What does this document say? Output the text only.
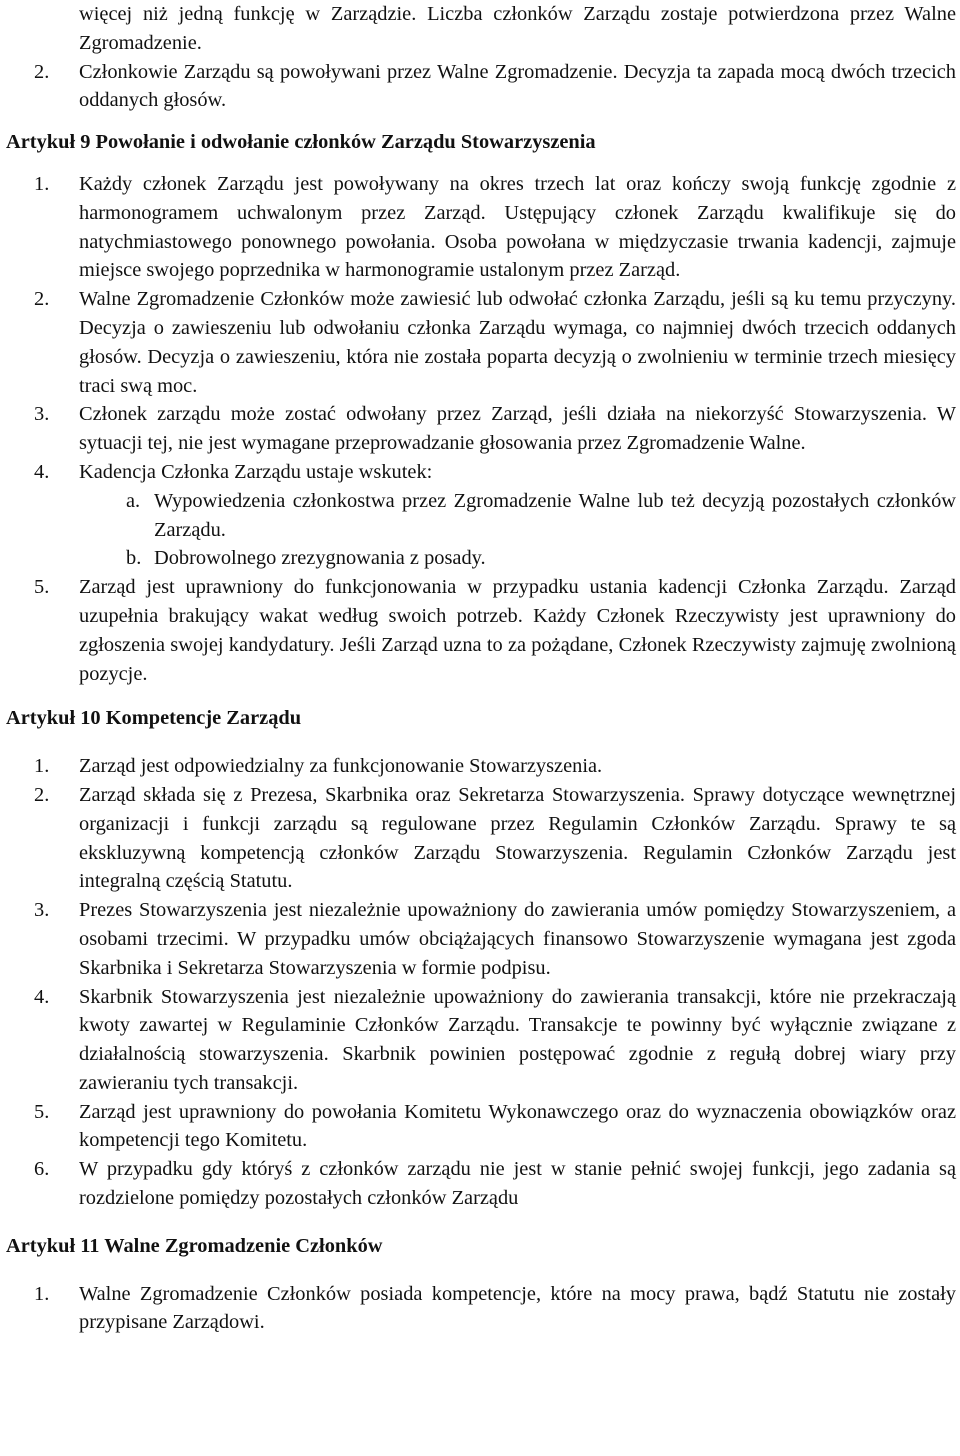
więcej niż jedną funkcję w Zarządzie. Liczba członków Zarządu zostaje potwierdzona przez Walne Zgromadzenie.

2. Członkowie Zarządu są powoływani przez Walne Zgromadzenie. Decyzja ta zapada mocą dwóch trzecich oddanych głosów.

Artykuł 9 Powołanie i odwołanie członków Zarządu Stowarzyszenia

1. Każdy członek Zarządu jest powoływany na okres trzech lat oraz kończy swoją funkcję zgodnie z harmonogramem uchwalonym przez Zarząd. Ustępujący członek Zarządu kwalifikuje się do natychmiastowego ponownego powołania. Osoba powołana w międzyczasie trwania kadencji, zajmuje miejsce swojego poprzednika w harmonogramie ustalonym przez Zarząd.

2. Walne Zgromadzenie Członków może zawiesić lub odwołać członka Zarządu, jeśli są ku temu przyczyny. Decyzja o zawieszeniu lub odwołaniu członka Zarządu wymaga, co najmniej dwóch trzecich oddanych głosów. Decyzja o zawieszeniu, która nie została poparta decyzją o zwolnieniu w terminie trzech miesięcy traci swą moc.

3. Członek zarządu może zostać odwołany przez Zarząd, jeśli działa na niekorzyść Stowarzyszenia. W sytuacji tej, nie jest wymagane przeprowadzanie głosowania przez Zgromadzenie Walne.

4. Kadencja Członka Zarządu ustaje wskutek:

a. Wypowiedzenia członkostwa przez Zgromadzenie Walne lub też decyzją pozostałych członków Zarządu.

b. Dobrowolnego zrezygnowania z posady.

5. Zarząd jest uprawniony do funkcjonowania w przypadku ustania kadencji Członka Zarządu. Zarząd uzupełnia brakujący wakat według swoich potrzeb. Każdy Członek Rzeczywisty jest uprawniony do zgłoszenia swojej kandydatury. Jeśli Zarząd uzna to za pożądane, Członek Rzeczywisty zajmuję zwolnioną pozycje.

Artykuł 10 Kompetencje Zarządu

1. Zarząd jest odpowiedzialny za funkcjonowanie Stowarzyszenia.

2. Zarząd składa się z Prezesa, Skarbnika oraz Sekretarza Stowarzyszenia. Sprawy dotyczące wewnętrznej organizacji i funkcji zarządu są regulowane przez Regulamin Członków Zarządu. Sprawy te są ekskluzywną kompetencją członków Zarządu Stowarzyszenia. Regulamin Członków Zarządu jest integralną częścią Statutu.

3. Prezes Stowarzyszenia jest niezależnie upoważniony do zawierania umów pomiędzy Stowarzyszeniem, a osobami trzecimi. W przypadku umów obciążających finansowo Stowarzyszenie wymagana jest zgoda Skarbnika i Sekretarza Stowarzyszenia w formie podpisu.

4. Skarbnik Stowarzyszenia jest niezależnie upoważniony do zawierania transakcji, które nie przekraczają kwoty zawartej w Regulaminie Członków Zarządu. Transakcje te powinny być wyłącznie związane z działalnością stowarzyszenia. Skarbnik powinien postępować zgodnie z regułą dobrej wiary przy zawieraniu tych transakcji.

5. Zarząd jest uprawniony do powołania Komitetu Wykonawczego oraz do wyznaczenia obowiązków oraz kompetencji tego Komitetu.

6. W przypadku gdy któryś z członków zarządu nie jest w stanie pełnić swojej funkcji, jego zadania są rozdzielone pomiędzy pozostałych członków Zarządu

Artykuł 11 Walne Zgromadzenie Członków

1. Walne Zgromadzenie Członków posiada kompetencje, które na mocy prawa, bądź Statutu nie zostały przypisane Zarządowi.
